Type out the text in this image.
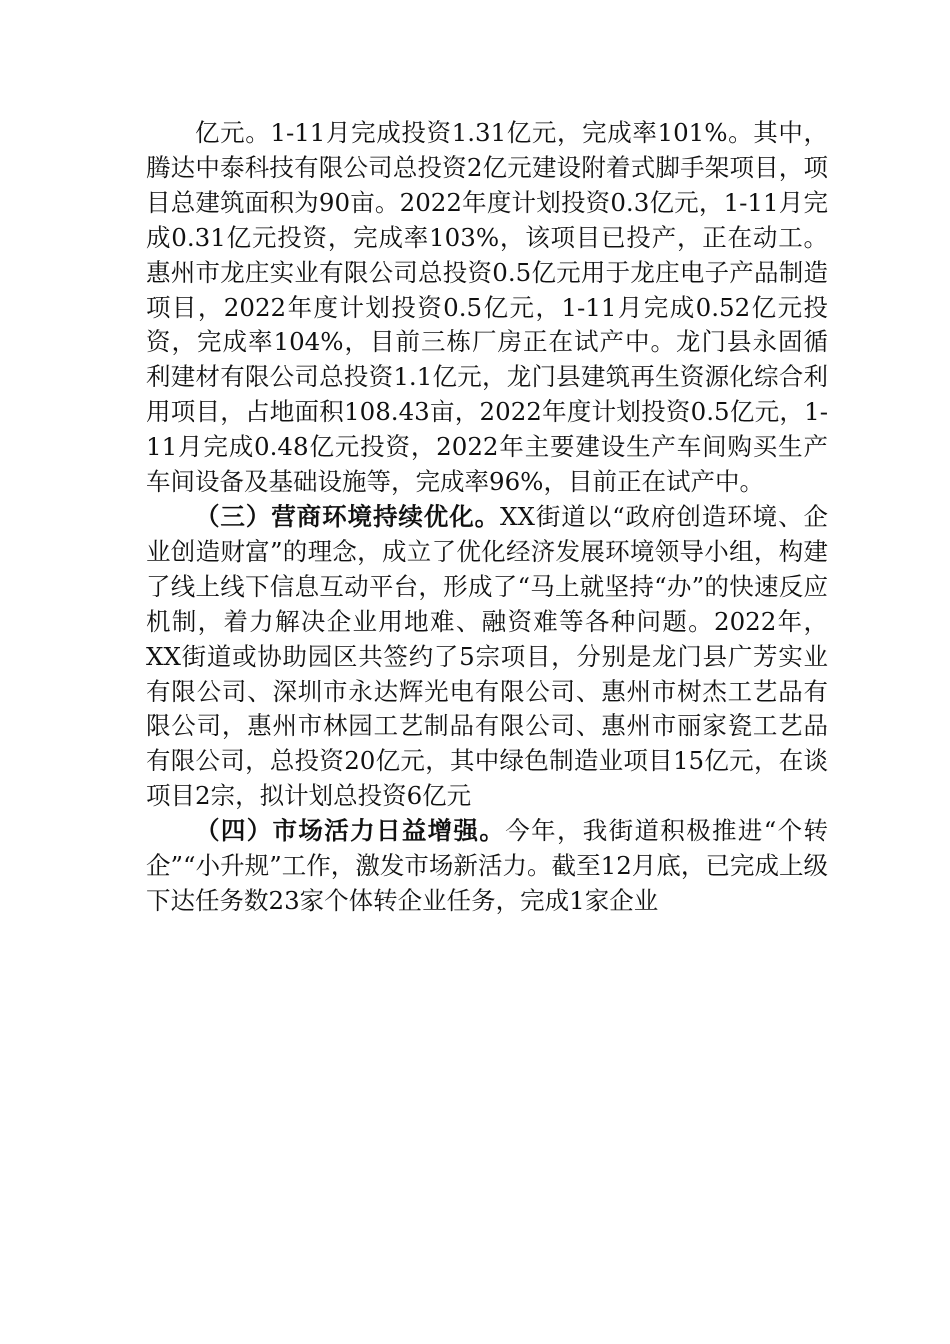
亿元。1-11月完成投资1.31亿元，完成率101%。其中，腾达中泰科技有限公司总投资2亿元建设附着式脚手架项目，项目总建筑面积为90亩。2022年度计划投资0.3亿元，1-11月完成0.31亿元投资，完成率103%，该项目已投产，正在动工。惠州市龙庄实业有限公司总投资0.5亿元用于龙庄电子产品制造项目，2022年度计划投资0.5亿元，1-11月完成0.52亿元投资，完成率104%，目前三栋厂房正在试产中。龙门县永固循利建材有限公司总投资1.1亿元，龙门县建筑再生资源化综合利用项目，占地面积108.43亩，2022年度计划投资0.5亿元，1-11月完成0.48亿元投资，2022年主要建设生产车间购买生产车间设备及基础设施等，完成率96%，目前正在试产中。

（三）营商环境持续优化。XX街道以“政府创造环境、企业创造财富”的理念，成立了优化经济发展环境领导小组，构建了线上线下信息互动平台，形成了“马上就坚持“办”的快速反应机制，着力解决企业用地难、融资难等各种问题。2022年，XX街道或协助园区共签约了5宗项目，分别是龙门县广芳实业有限公司、深圳市永达辉光电有限公司、惠州市树杰工艺品有限公司，惠州市林园工艺制品有限公司、惠州市丽家瓷工艺品有限公司，总投资20亿元，其中绿色制造业项目15亿元，在谈项目2宗，拟计划总投资6亿元

（四）市场活力日益增强。今年，我街道积极推进“个转企”“小升规”工作，激发市场新活力。截至12月底，已完成上级下达任务数23家个体转企业任务，完成1家企业
